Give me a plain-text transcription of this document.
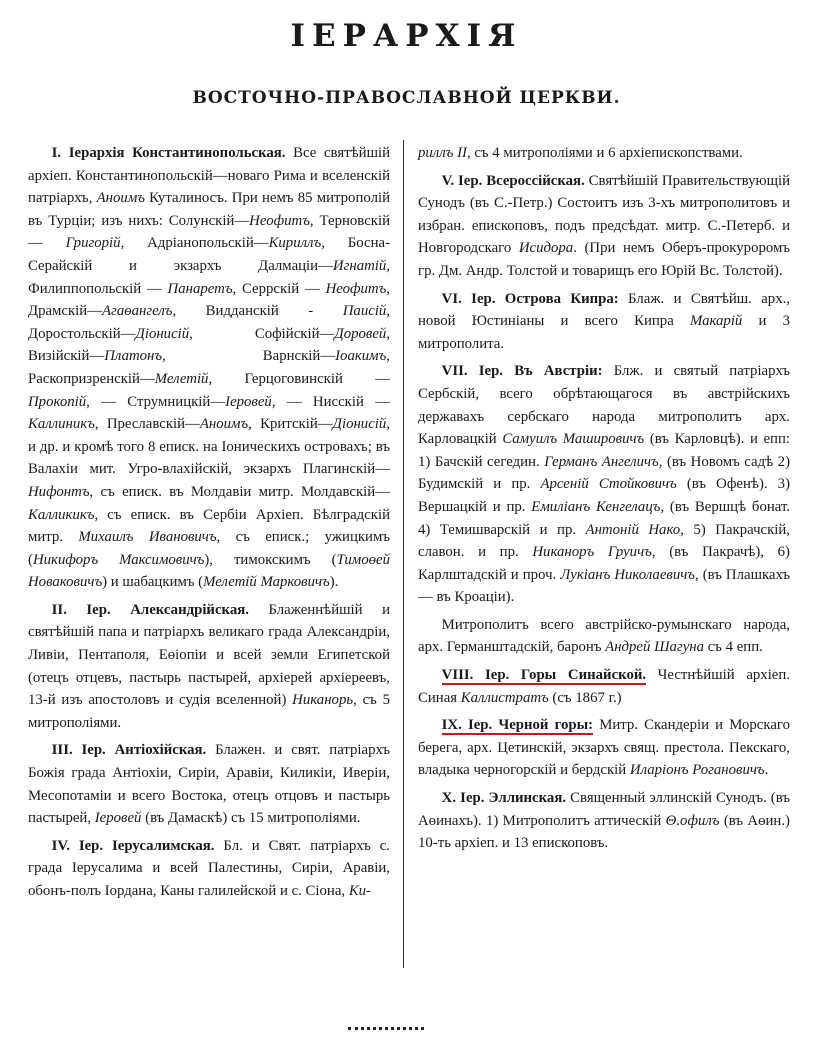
ІЕРАРХІЯ
ВОСТОЧНО-ПРАВОСЛАВНОЙ ЦЕРКВИ.

І. Іерархія Константинопольская. Все святѣйшій архіеп. Константинопольскій—новаго Рима и вселенскій патріархъ, Аноимъ Куталиносъ. При немъ 85 митрополій въ Турціи; изъ нихъ: Солунскій—Неофитъ, Терновскій — Григорій, Адріанопольскій—Кириллъ, Босна-Серайскій и экзархъ Далмаціи—Игнатій, Филиппопольскій — Панаретъ, Серрскій — Неофитъ, Драмскій—Агаөангелъ, Видданскій - Паисій, Доростольскій—Діонисій, Софійскій—Доровей, Визійскій—Платонъ, Варнскій—Іоакимъ, Раскопризренскій—Мелетій, Герцоговинскій — Прокопій, — Струмницкій—Іеровей, — Нисскій — Каллиникъ, Преславскій—Аноимъ, Критскій—Діонисій, и др. и кромѣ того 8 еписк. на Іоническихъ островахъ; въ Валахіи мит. Угро-влахійскій, экзархъ Плагинскій—Нифонтъ, съ еписк. въ Молдавіи митр. Молдавскій—Калликикъ, съ еписк. въ Сербіи Архіеп. Бѣлградскій митр. Михаилъ Ивановичъ, съ еписк.; ужицкимъ (Никифоръ Максимовичъ), тимокскимъ (Тимоөей Новаковичъ) и шабацкимъ (Мелетій Марковичъ).

II. Іер. Александрійская. Блаженнѣйшій и святѣйшій папа и патріархъ великаго града Александріи, Ливіи, Пентаполя, Еөіопіи и всей земли Египетской (отецъ отцевъ, пастырь пастырей, архіерей архіереевъ, 13-й изъ апостоловъ и судія вселенной) Никанорь, съ 5 митрополіями.

III. Іер. Антіохійская. Блажен. и свят. патріархъ Божія града Антіохіи, Сиріи, Аравіи, Киликіи, Иверіи, Месопотаміи и всего Востока, отецъ отцовъ и пастырь пастырей, Іеровей (въ Дамаскѣ) съ 15 митрополіями.

IV. Іер. Іерусалимская. Бл. и Свят. патріархъ с. града Іерусалима и всей Палестины, Сиріи, Аравіи, обонъ-полъ Іордана, Каны галилейской и с. Сіона, Ки-

риллъ II, съ 4 митрополіями и 6 архіепископствами.

V. Іер. Всероссійская. Святѣйшій Правительствующій Сунодъ (въ С.-Петр.) Состоитъ изъ 3-хъ митрополитовъ и избран. епископовъ, подъ предсѣдат. митр. С.-Петерб. и Новгородскаго Исидора. (При немъ Оберъ-прокуроромъ гр. Дм. Андр. Толстой и товарищъ его Юрій Вс. Толстой).

VI. Іер. Острова Кипра: Блаж. и Святѣйш. арх., новой Юстиніаны и всего Кипра Макарій и 3 митрополита.

VII. Іер. Въ Австріи: Блж. и святый патріархъ Сербскій, всего обрѣтающагося въ австрійскихъ державахъ сербскаго народа митрополитъ арх. Карловацкій Самуилъ Машировичъ (въ Карловцѣ). и епп: 1) Бачскій сегедин. Германъ Ангеличъ, (въ Новомъ садѣ 2) Будимскій и пр. Арсеній Стойковичъ (въ Офенѣ). 3) Вершацкій и пр. Емиліанъ Кенгелацъ, (въ Вершцѣ бонат. 4) Темишварскій и пр. Антоній Нако, 5) Пакрачскій, славон. и пр. Никаноръ Груичъ, (въ Пакрачѣ), 6) Карлштадскій и проч. Лукіанъ Николаевичъ, (въ Плашкахъ — въ Кроаціи).

Митрополитъ всего австрійско-румынскаго народа, арх. Германштадскій, баронъ Андрей Шагуна съ 4 епп.

VIII. Іер. Горы Синайской. Честнѣйшій архіеп. Синая Каллистратъ (съ 1867 г.)

IX. Іер. Черной горы: Митр. Скандеріи и Морскаго берега, арх. Цетинскій, экзархъ свящ. престола. Пекскаго, владыка черногорскій и бердскій Иларіонъ Рогановичъ.

X. Іер. Эллинская. Священный эллинскій Сунодъ. (въ Аөинахъ). 1) Митрополитъ аттическій Θ.офилъ (въ Аөин.) 10-ть архіеп. и 13 епископовъ.
